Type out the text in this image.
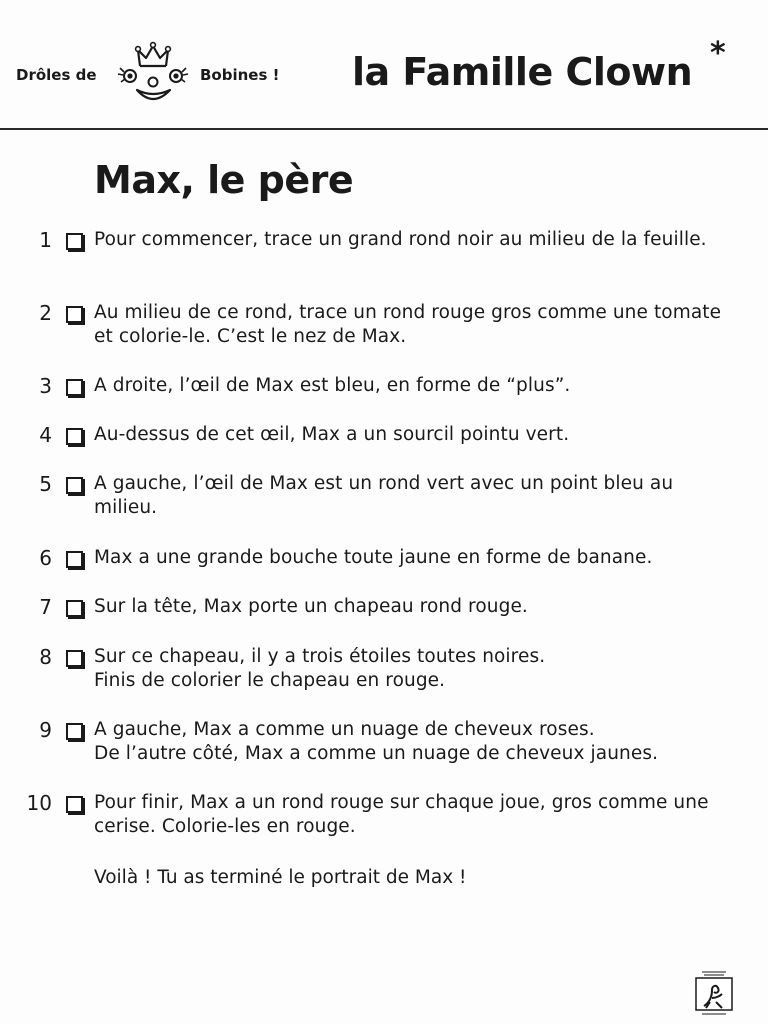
Drôles de	Bobines ! la Famille Clown *
Max, le père
1 Pour commencer, trace un grand rond noir au milieu de la feuille.
2 Au milieu de ce rond, trace un rond rouge gros comme une tomate et colorie-le. C’est le nez de Max.
3 A droite, l’œil de Max est bleu, en forme de “plus”.
4 Au-dessus de cet œil, Max a un sourcil pointu vert.
5 A gauche, l’œil de Max est un rond vert avec un point bleu au milieu.
6 Max a une grande bouche toute jaune en forme de banane.
7 Sur la tête, Max porte un chapeau rond rouge.
8 Sur ce chapeau, il y a trois étoiles toutes noires.
Finis de colorier le chapeau en rouge.
9 A gauche, Max a comme un nuage de cheveux roses.
De l’autre côté, Max a comme un nuage de cheveux jaunes.
10 Pour finir, Max a un rond rouge sur chaque joue, gros comme une cerise. Colorie-les en rouge.
Voilà ! Tu as terminé le portrait de Max !
